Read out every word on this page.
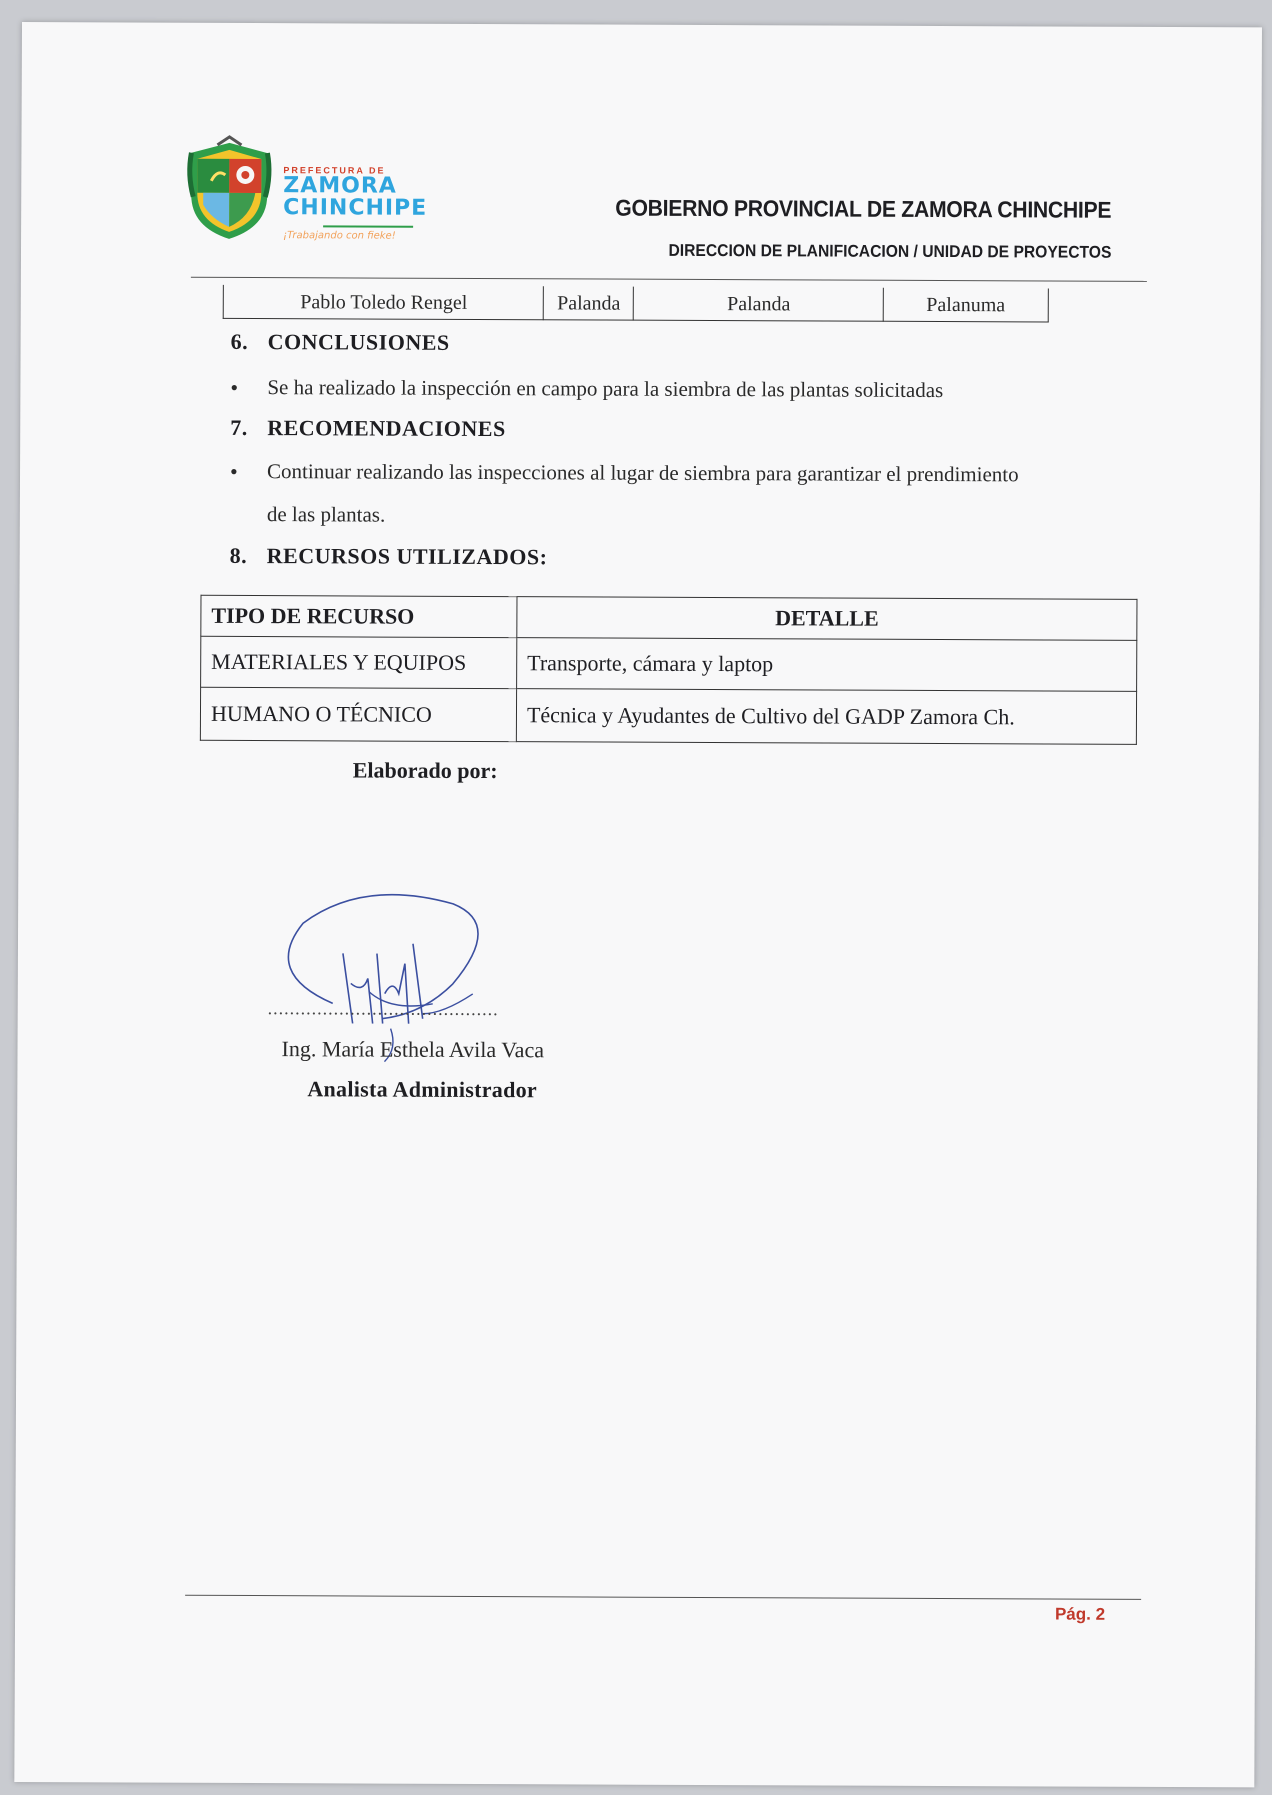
PREFECTURA DE
ZAMORA
CHINCHIPE
¡Trabajando con fieke!
GOBIERNO PROVINCIAL DE ZAMORA CHINCHIPE
DIRECCION DE PLANIFICACION / UNIDAD DE PROYECTOS
Pablo Toledo Rengel	Palanda	Palanda	Palanuma
6. CONCLUSIONES
• Se ha realizado la inspección en campo para la siembra de las plantas solicitadas
7. RECOMENDACIONES
• Continuar realizando las inspecciones al lugar de siembra para garantizar el prendimiento
de las plantas.
8. RECURSOS UTILIZADOS:
TIPO DE RECURSO	DETALLE
MATERIALES Y EQUIPOS	Transporte, cámara y laptop
HUMANO O TÉCNICO	Técnica y Ayudantes de Cultivo del GADP Zamora Ch.
Elaborado por:
..........................................
Ing. María Esthela Avila Vaca
Analista Administrador
Pág. 2
